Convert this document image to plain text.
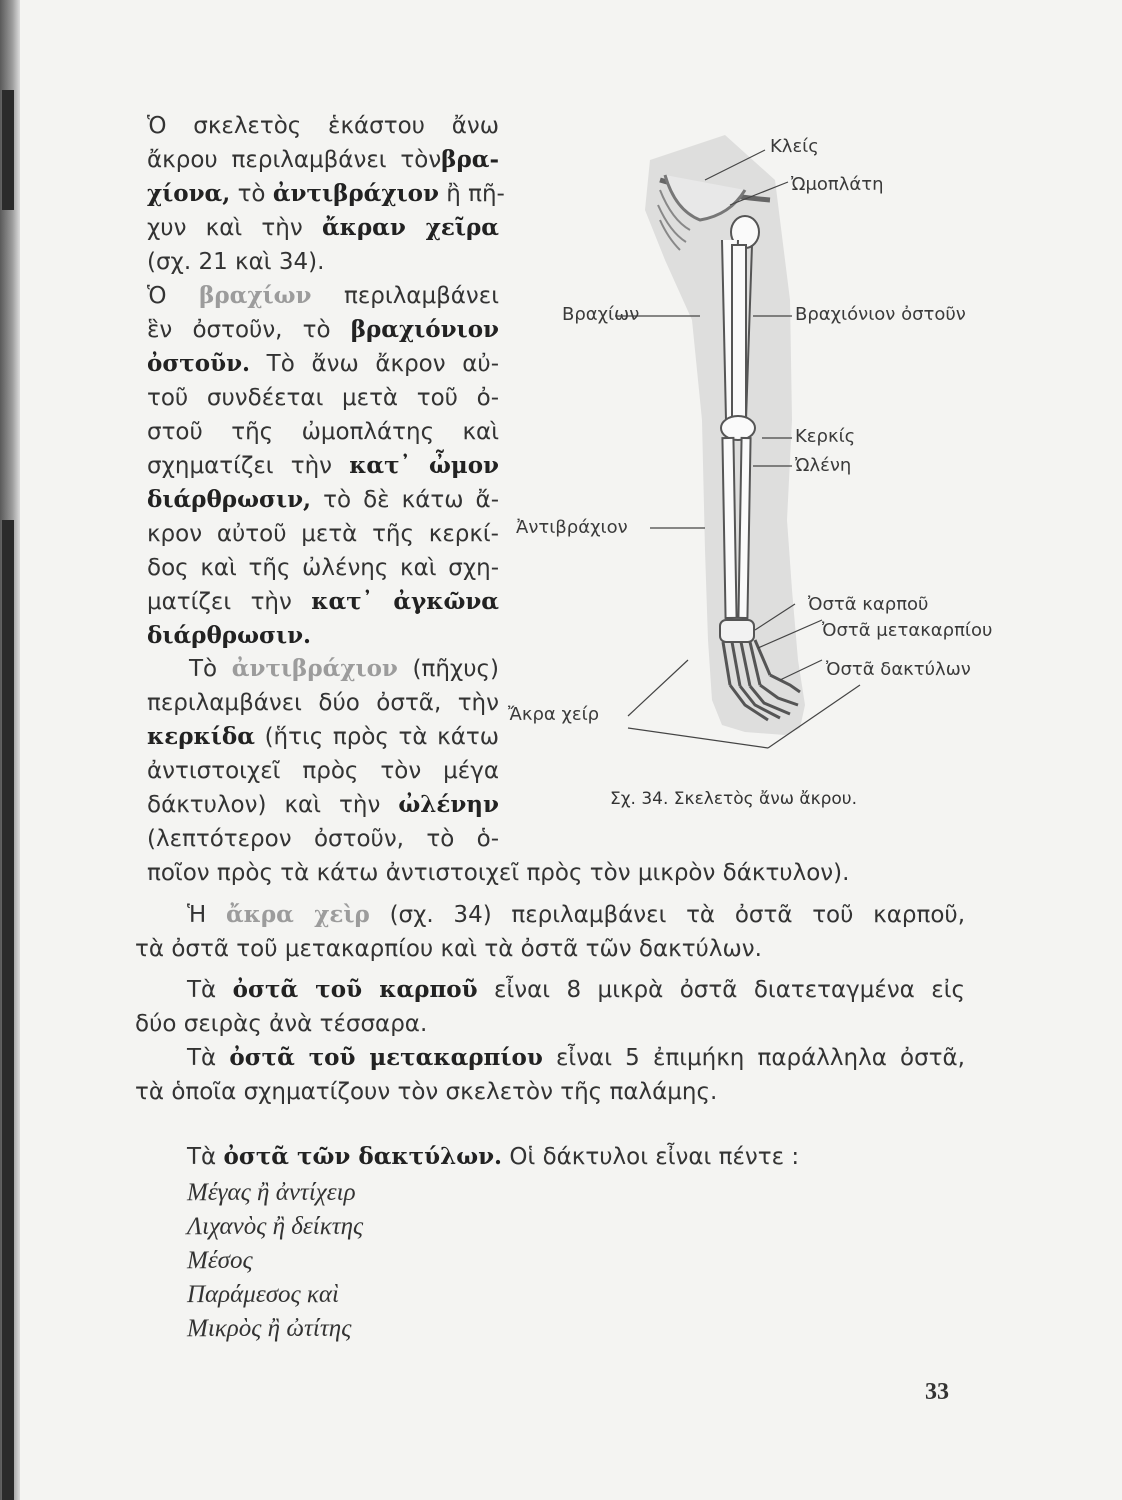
Ὁ σκελετὸς ἑκάστου ἄνω
ἄκρου περιλαμβάνει τὸνβρα-
χίονα, τὸ ἀντιβράχιον ἢ πῆ-
χυν καὶ τὴν ἄκραν χεῖρα
(σχ. 21 καὶ 34).
Ὁ βραχίων περιλαμβάνει
ἓν ὀστοῦν, τὸ βραχιόνιον
ὀστοῦν. Τὸ ἄνω ἄκρον αὐ-
τοῦ συνδέεται μετὰ τοῦ ὀ-
στοῦ τῆς ὠμοπλάτης καὶ
σχηματίζει τὴν κατ᾽ ὦμον
διάρθρωσιν, τὸ δὲ κάτω ἄ-
κρον αὐτοῦ μετὰ τῆς κερκί-
δος καὶ τῆς ὠλένης καὶ σχη-
ματίζει τὴν κατ᾽ ἀγκῶνα
διάρθρωσιν.
Τὸ ἀντιβράχιον (πῆχυς)
περιλαμβάνει δύο ὀστᾶ, τὴν
κερκίδα (ἥτις πρὸς τὰ κάτω
ἀντιστοιχεῖ πρὸς τὸν μέγα
δάκτυλον) καὶ τὴν ὠλένην
(λεπτότερον ὀστοῦν, τὸ ὁ-
ποῖον πρὸς τὰ κάτω ἀντιστοιχεῖ πρὸς τὸν μικρὸν δάκτυλον).
Ἡ ἄκρα χεὶρ (σχ. 34) περιλαμβάνει τὰ ὀστᾶ τοῦ καρποῦ,
τὰ ὀστᾶ τοῦ μετακαρπίου καὶ τὰ ὀστᾶ τῶν δακτύλων.
Τὰ ὀστᾶ τοῦ καρποῦ εἶναι 8 μικρὰ ὀστᾶ διατεταγμένα εἰς
δύο σειρὰς ἀνὰ τέσσαρα.
Τὰ ὀστᾶ τοῦ μετακαρπίου εἶναι 5 ἐπιμήκη παράλληλα ὀστᾶ,
τὰ ὁποῖα σχηματίζουν τὸν σκελετὸν τῆς παλάμης.
Τὰ ὀστᾶ τῶν δακτύλων. Οἱ δάκτυλοι εἶναι πέντε :
Μέγας ἢ ἀντίχειρ
Λιχανὸς ἢ δείκτης
Μέσος
Παράμεσος καὶ
Μικρὸς ἢ ὠτίτης
Κλείς
Ὠμοπλάτη
Βραχίων	Βραχιόνιον ὀστοῦν
Κερκίς
Ὠλένη
Ἀντιβράχιον
Ὀστᾶ καρποῦ
Ὀστᾶ μετακαρπίου
Ὀστᾶ δακτύλων
Ἄκρα χείρ
Σχ. 34. Σκελετὸς ἄνω ἄκρου.
33
